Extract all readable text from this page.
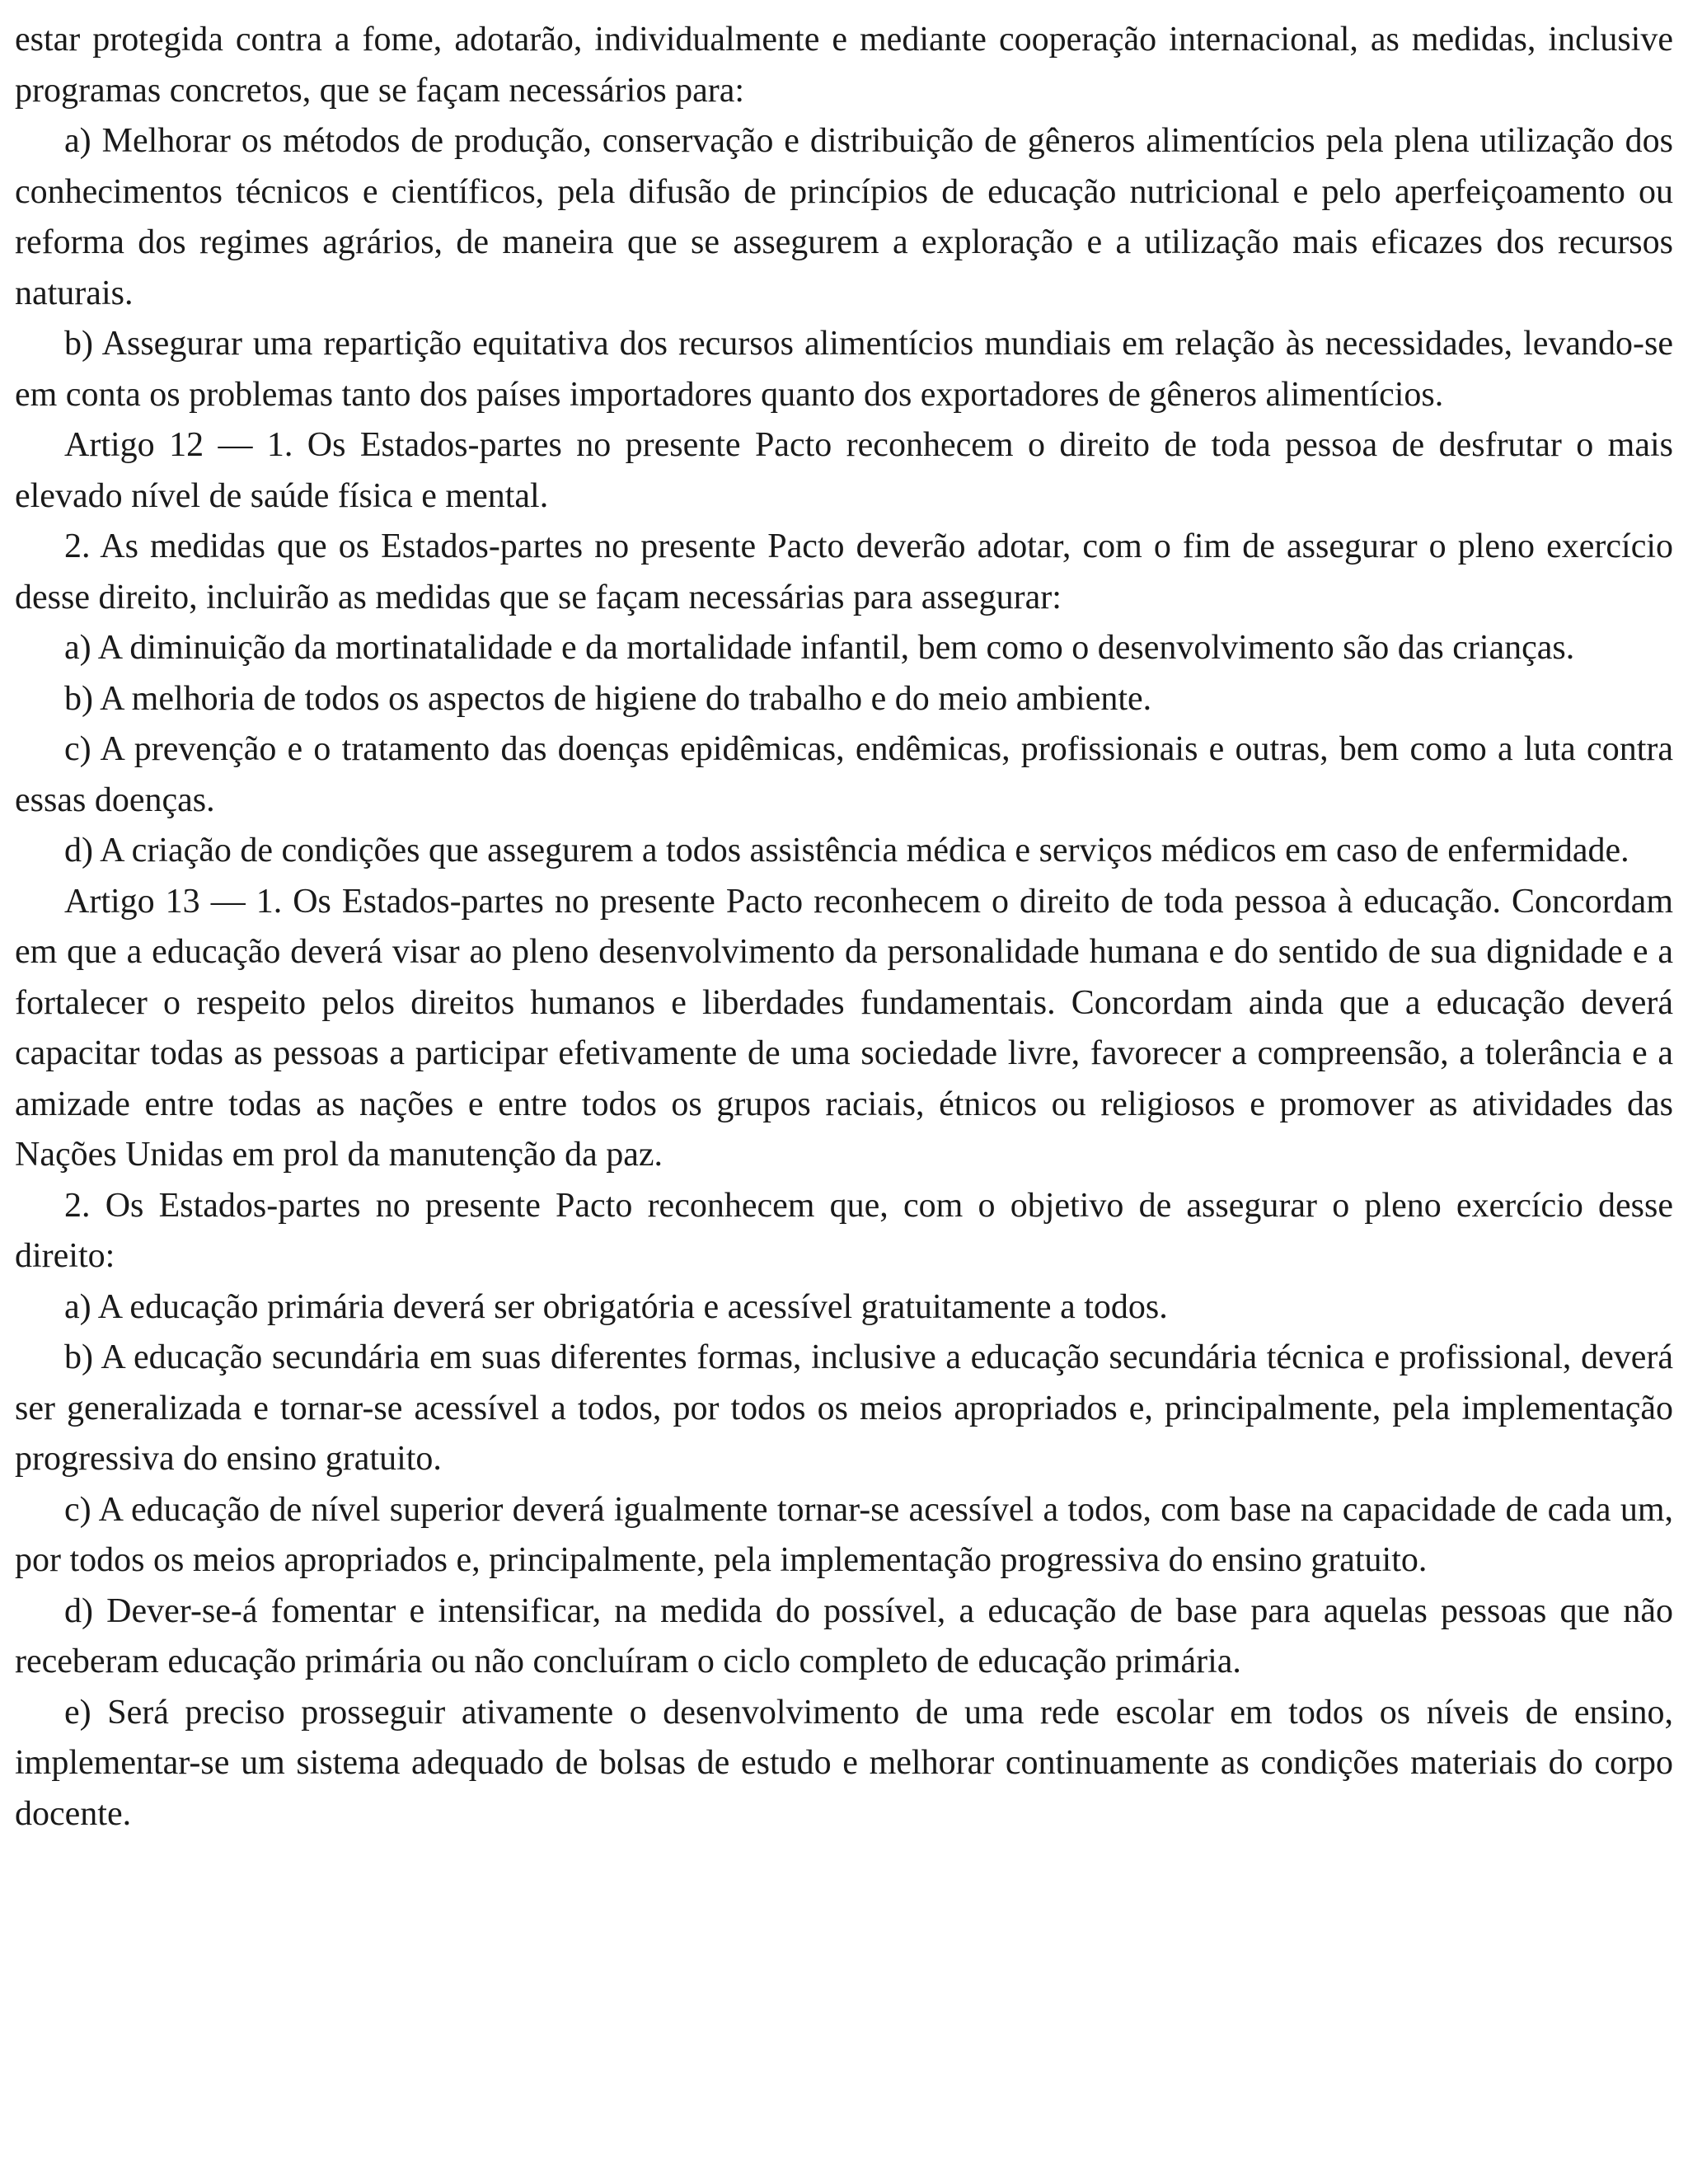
estar protegida contra a fome, adotarão, individualmente e mediante cooperação internacional, as medidas, inclusive programas concretos, que se façam necessários para:

a) Melhorar os métodos de produção, conservação e distribuição de gêneros alimentícios pela plena utilização dos conhecimentos técnicos e científicos, pela difusão de princípios de educação nutricional e pelo aperfeiçoamento ou reforma dos regimes agrários, de maneira que se assegurem a exploração e a utilização mais eficazes dos recursos naturais.

b) Assegurar uma repartição equitativa dos recursos alimentícios mundiais em relação às necessidades, levando-se em conta os problemas tanto dos países importadores quanto dos exportadores de gêneros alimentícios.

Artigo 12 — 1. Os Estados-partes no presente Pacto reconhecem o direito de toda pessoa de desfrutar o mais elevado nível de saúde física e mental.

2. As medidas que os Estados-partes no presente Pacto deverão adotar, com o fim de assegurar o pleno exercício desse direito, incluirão as medidas que se façam necessárias para assegurar:

a) A diminuição da mortinatalidade e da mortalidade infantil, bem como o desenvolvimento são das crianças.

b) A melhoria de todos os aspectos de higiene do trabalho e do meio ambiente.

c) A prevenção e o tratamento das doenças epidêmicas, endêmicas, profissionais e outras, bem como a luta contra essas doenças.

d) A criação de condições que assegurem a todos assistência médica e serviços médicos em caso de enfermidade.

Artigo 13 — 1. Os Estados-partes no presente Pacto reconhecem o direito de toda pessoa à educação. Concordam em que a educação deverá visar ao pleno desenvolvimento da personalidade humana e do sentido de sua dignidade e a fortalecer o respeito pelos direitos humanos e liberdades fundamentais. Concordam ainda que a educação deverá capacitar todas as pessoas a participar efetivamente de uma sociedade livre, favorecer a compreensão, a tolerância e a amizade entre todas as nações e entre todos os grupos raciais, étnicos ou religiosos e promover as atividades das Nações Unidas em prol da manutenção da paz.

2. Os Estados-partes no presente Pacto reconhecem que, com o objetivo de assegurar o pleno exercício desse direito:

a) A educação primária deverá ser obrigatória e acessível gratuitamente a todos.

b) A educação secundária em suas diferentes formas, inclusive a educação secundária técnica e profissional, deverá ser generalizada e tornar-se acessível a todos, por todos os meios apropriados e, principalmente, pela implementação progressiva do ensino gratuito.

c) A educação de nível superior deverá igualmente tornar-se acessível a todos, com base na capacidade de cada um, por todos os meios apropriados e, principalmente, pela implementação progressiva do ensino gratuito.

d) Dever-se-á fomentar e intensificar, na medida do possível, a educação de base para aquelas pessoas que não receberam educação primária ou não concluíram o ciclo completo de educação primária.

e) Será preciso prosseguir ativamente o desenvolvimento de uma rede escolar em todos os níveis de ensino, implementar-se um sistema adequado de bolsas de estudo e melhorar continuamente as condições materiais do corpo docente.
